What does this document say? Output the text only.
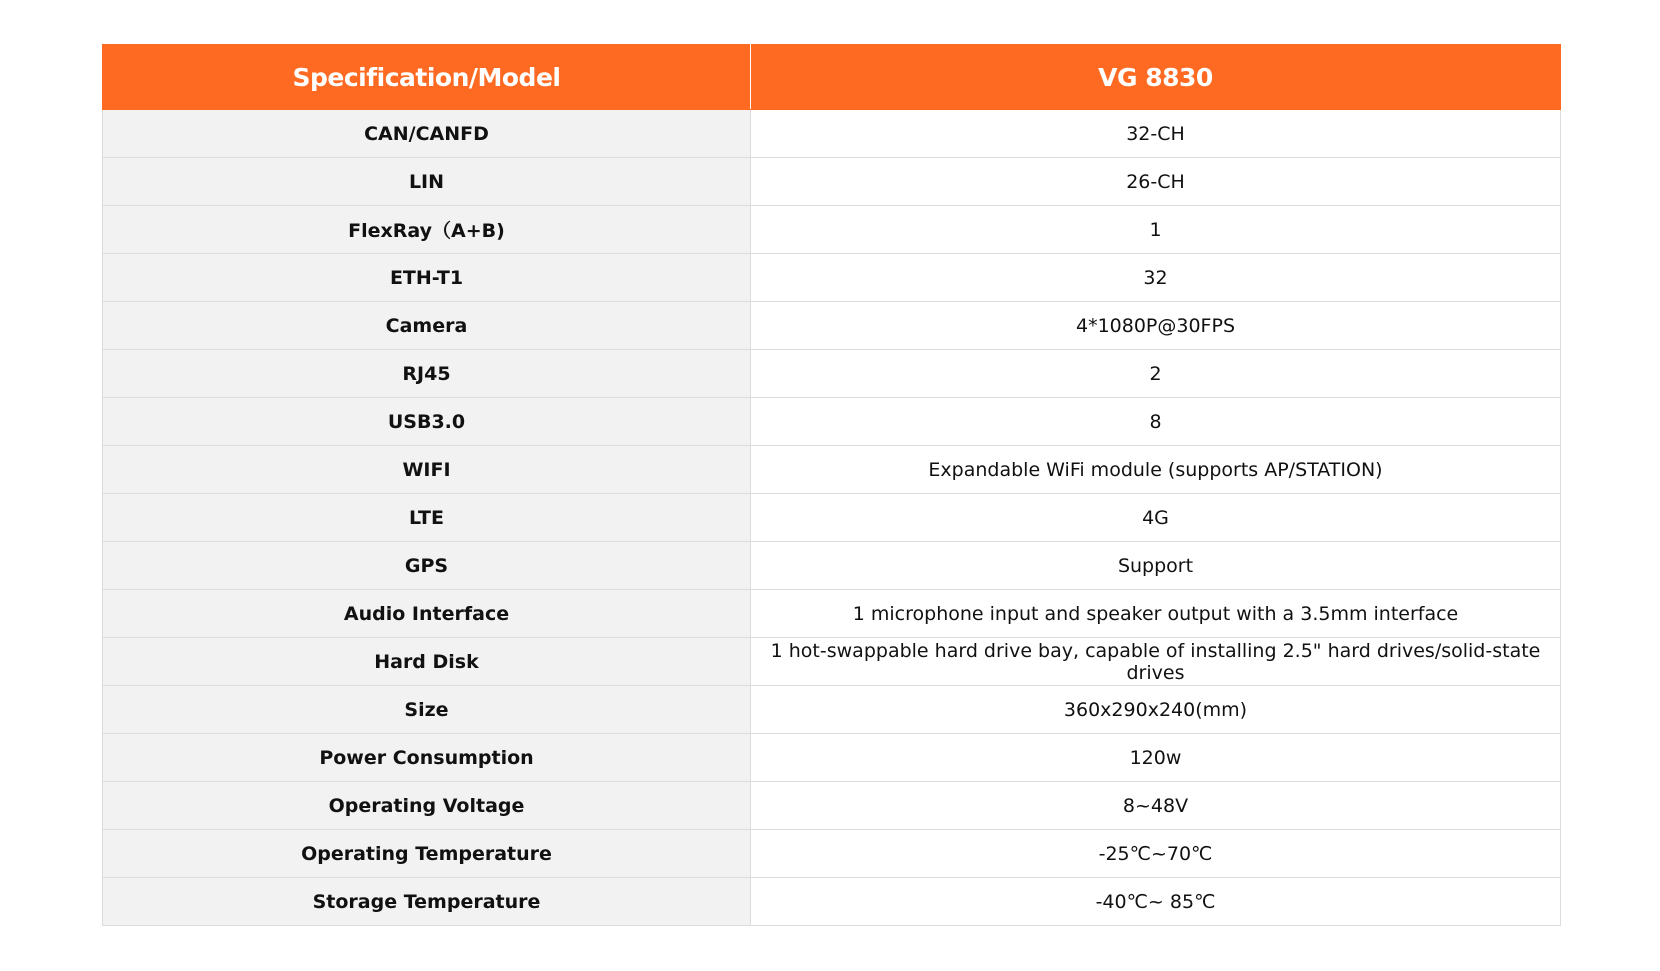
Specification/Model	VG 8830
CAN/CANFD	32-CH
LIN	26-CH
FlexRay（A+B)	1
ETH-T1	32
Camera	4*1080P@30FPS
RJ45	2
USB3.0	8
WIFI	Expandable WiFi module (supports AP/STATION)
LTE	4G
GPS	Support
Audio Interface	1 microphone input and speaker output with a 3.5mm interface
Hard Disk	1 hot-swappable hard drive bay, capable of installing 2.5" hard drives/solid-state drives
Size	360x290x240(mm)
Power Consumption	120w
Operating Voltage	8~48V
Operating Temperature	-25℃~70℃
Storage Temperature	-40℃~ 85℃
